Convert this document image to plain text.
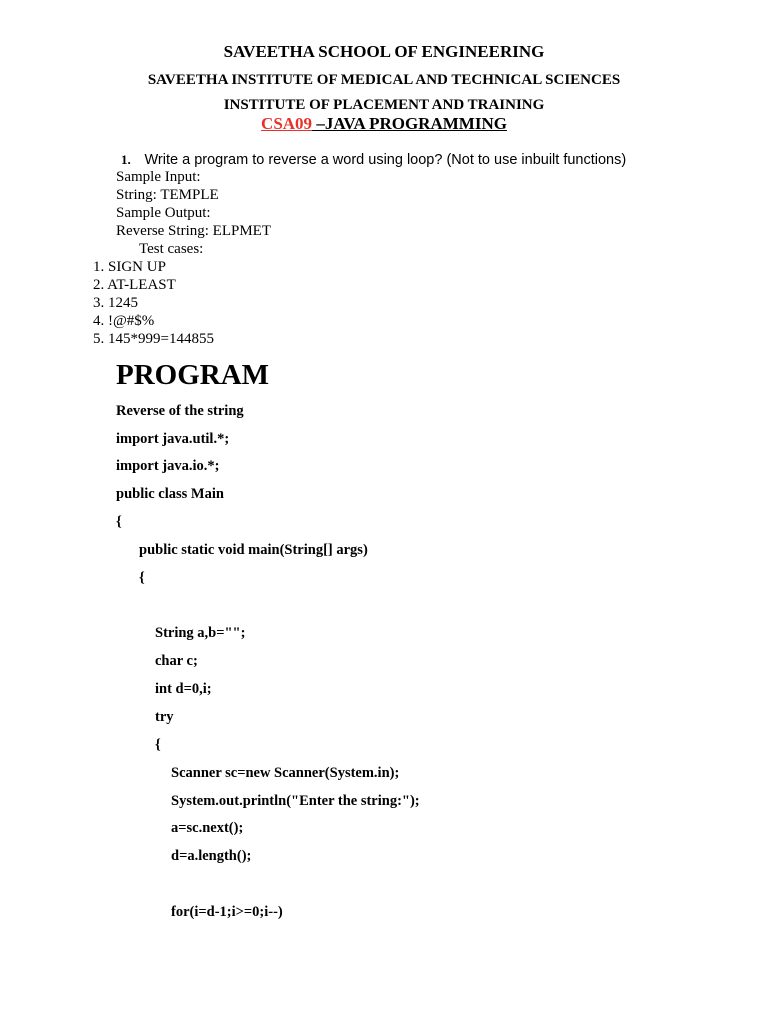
SAVEETHA SCHOOL OF ENGINEERING
SAVEETHA INSTITUTE OF MEDICAL AND TECHNICAL SCIENCES
INSTITUTE OF PLACEMENT AND TRAINING
CSA09 –JAVA PROGRAMMING
1. Write a program to reverse a word using loop? (Not to use inbuilt functions)
Sample Input:
String: TEMPLE
Sample Output:
Reverse String: ELPMET
Test cases:
1. SIGN UP
2. AT-LEAST
3. 1245
4. !@#$%
5. 145*999=144855
PROGRAM
Reverse of the string
import java.util.*;
import java.io.*;
public class Main
{
public static void main(String[] args)
{
String a,b="";
char c;
int d=0,i;
try
{
Scanner sc=new Scanner(System.in);
System.out.println("Enter the string:");
a=sc.next();
d=a.length();
for(i=d-1;i>=0;i--)
